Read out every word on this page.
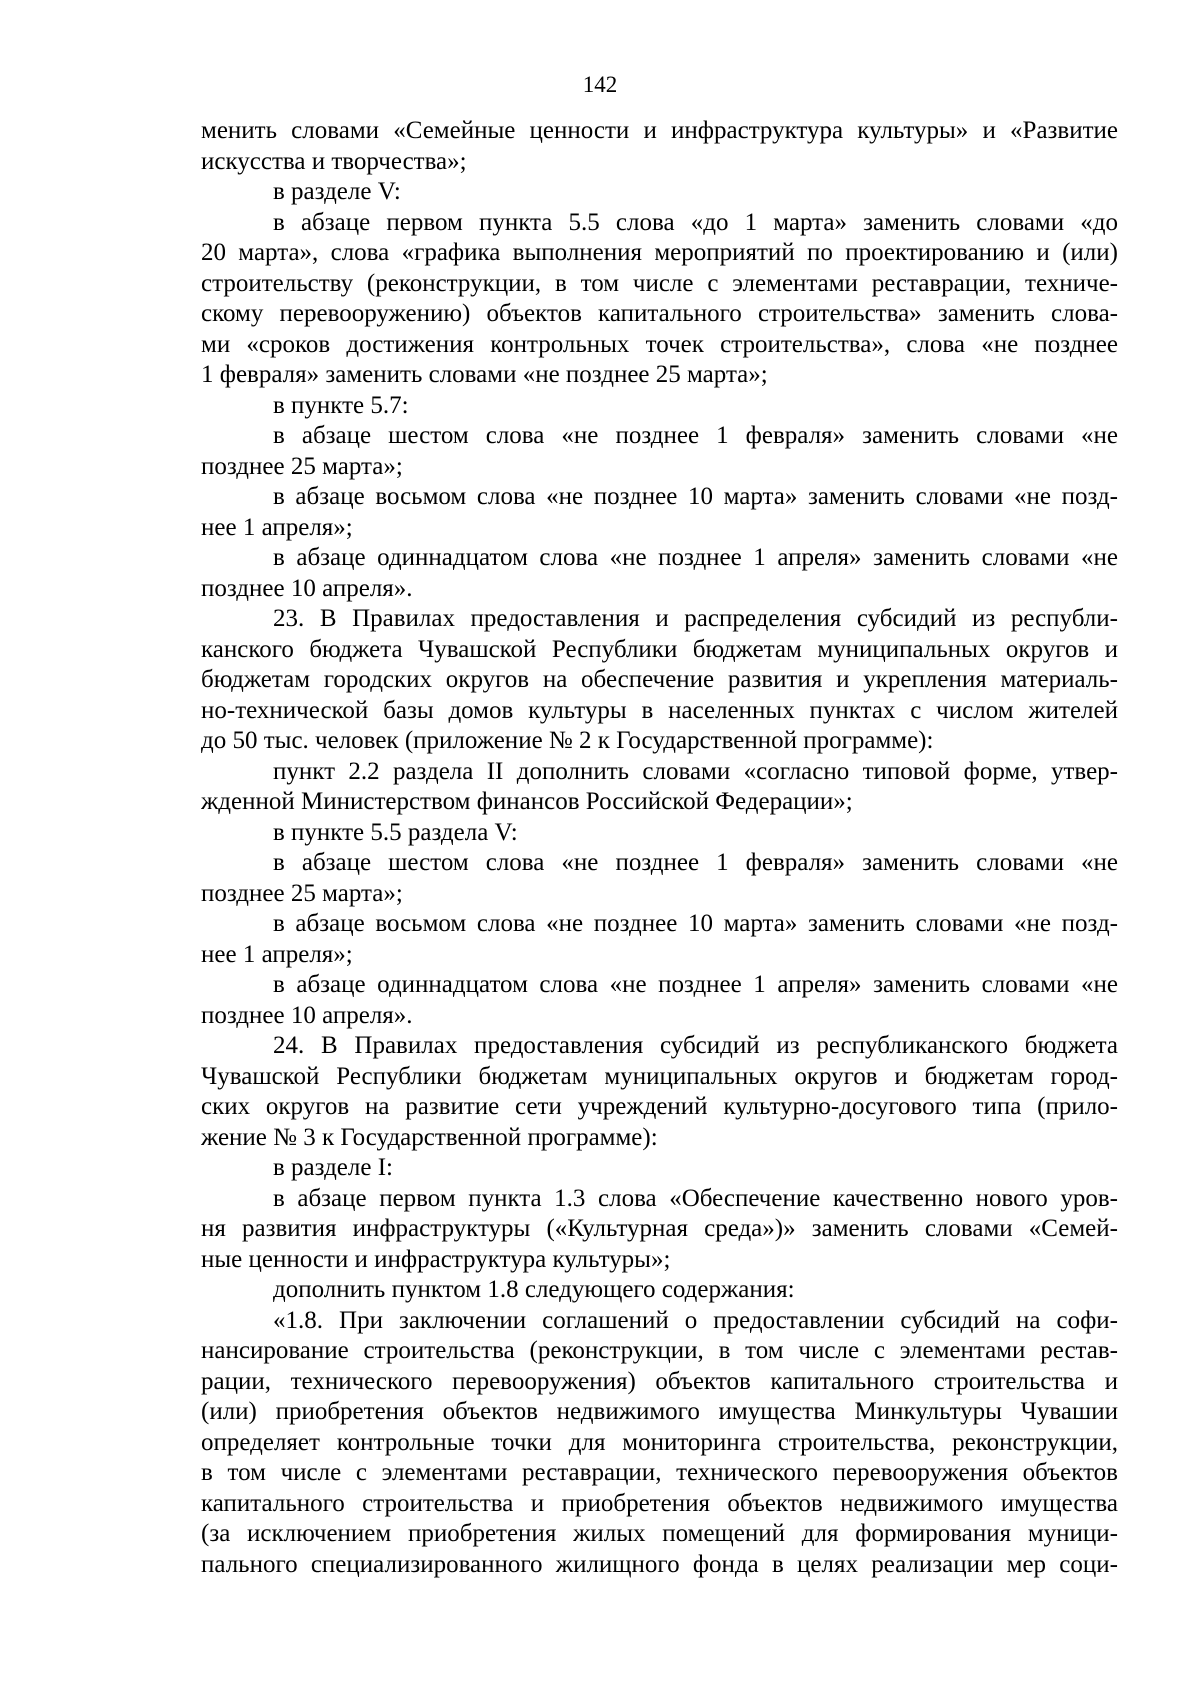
142
менить словами «Семейные ценности и инфраструктура культуры» и «Развитие
искусства и творчества»;
в разделе V:
в абзаце первом пункта 5.5 слова «до 1 марта» заменить словами «до
20 марта», слова «графика выполнения мероприятий по проектированию и (или)
строительству (реконструкции, в том числе с элементами реставрации, техниче-
скому перевооружению) объектов капитального строительства» заменить слова-
ми «сроков достижения контрольных точек строительства», слова «не позднее
1 февраля» заменить словами «не позднее 25 марта»;
в пункте 5.7:
в абзаце шестом слова «не позднее 1 февраля» заменить словами «не
позднее 25 марта»;
в абзаце восьмом слова «не позднее 10 марта» заменить словами «не позд-
нее 1 апреля»;
в абзаце одиннадцатом слова «не позднее 1 апреля» заменить словами «не
позднее 10 апреля».
23. В Правилах предоставления и распределения субсидий из республи-
канского бюджета Чувашской Республики бюджетам муниципальных округов и
бюджетам городских округов на обеспечение развития и укрепления материаль-
но-технической базы домов культуры в населенных пунктах с числом жителей
до 50 тыс. человек (приложение № 2 к Государственной программе):
пункт 2.2 раздела II дополнить словами «согласно типовой форме, утвер-
жденной Министерством финансов Российской Федерации»;
в пункте 5.5 раздела V:
в абзаце шестом слова «не позднее 1 февраля» заменить словами «не
позднее 25 марта»;
в абзаце восьмом слова «не позднее 10 марта» заменить словами «не позд-
нее 1 апреля»;
в абзаце одиннадцатом слова «не позднее 1 апреля» заменить словами «не
позднее 10 апреля».
24. В Правилах предоставления субсидий из республиканского бюджета
Чувашской Республики бюджетам муниципальных округов и бюджетам город-
ских округов на развитие сети учреждений культурно-досугового типа (прило-
жение № 3 к Государственной программе):
в разделе I:
в абзаце первом пункта 1.3 слова «Обеспечение качественно нового уров-
ня развития инфраструктуры («Культурная среда»)» заменить словами «Семей-
ные ценности и инфраструктура культуры»;
дополнить пунктом 1.8 следующего содержания:
«1.8. При заключении соглашений о предоставлении субсидий на софи-
нансирование строительства (реконструкции, в том числе с элементами рестав-
рации, технического перевооружения) объектов капитального строительства и
(или) приобретения объектов недвижимого имущества Минкультуры Чувашии
определяет контрольные точки для мониторинга строительства, реконструкции,
в том числе с элементами реставрации, технического перевооружения объектов
капитального строительства и приобретения объектов недвижимого имущества
(за исключением приобретения жилых помещений для формирования муници-
пального специализированного жилищного фонда в целях реализации мер соци-
